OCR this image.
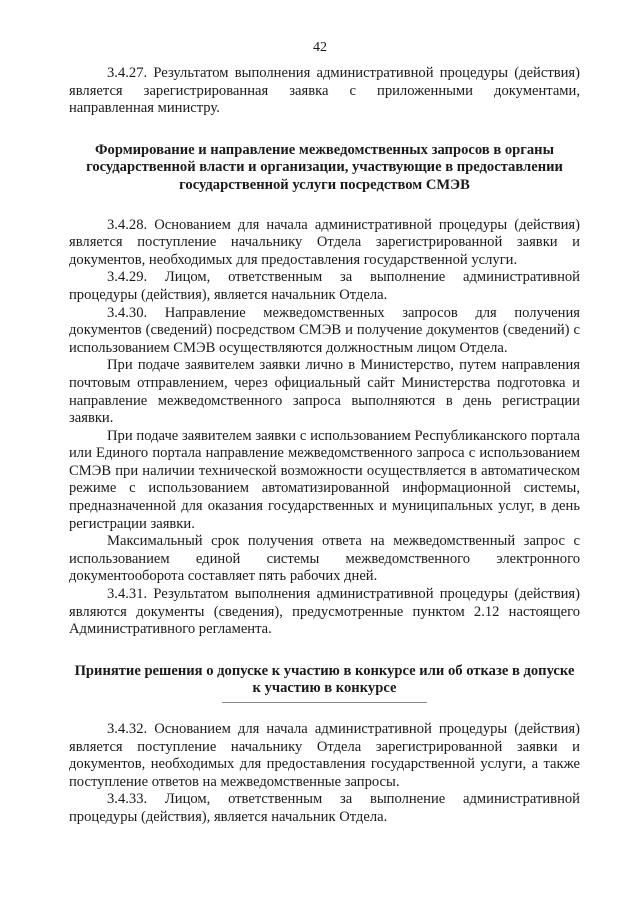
42

3.4.27. Результатом выполнения административной процедуры (действия) является зарегистрированная заявка с приложенными документами, направленная министру.

Формирование и направление межведомственных запросов в органы государственной власти и организации, участвующие в предоставлении государственной услуги посредством СМЭВ

3.4.28. Основанием для начала административной процедуры (действия) является поступление начальнику Отдела зарегистрированной заявки и документов, необходимых для предоставления государственной услуги.

3.4.29. Лицом, ответственным за выполнение административной процедуры (действия), является начальник Отдела.

3.4.30. Направление межведомственных запросов для получения документов (сведений) посредством СМЭВ и получение документов (сведений) с использованием СМЭВ осуществляются должностным лицом Отдела.

При подаче заявителем заявки лично в Министерство, путем направления почтовым отправлением, через официальный сайт Министерства подготовка и направление межведомственного запроса выполняются в день регистрации заявки.

При подаче заявителем заявки с использованием Республиканского портала или Единого портала направление межведомственного запроса с использованием СМЭВ при наличии технической возможности осуществляется в автоматическом режиме с использованием автоматизированной информационной системы, предназначенной для оказания государственных и муниципальных услуг, в день регистрации заявки.

Максимальный срок получения ответа на межведомственный запрос с использованием единой системы межведомственного электронного документооборота составляет пять рабочих дней.

3.4.31. Результатом выполнения административной процедуры (действия) являются документы (сведения), предусмотренные пунктом 2.12 настоящего Административного регламента.

Принятие решения о допуске к участию в конкурсе или об отказе в допуске к участию в конкурсе

3.4.32. Основанием для начала административной процедуры (действия) является поступление начальнику Отдела зарегистрированной заявки и документов, необходимых для предоставления государственной услуги, а также поступление ответов на межведомственные запросы.

3.4.33. Лицом, ответственным за выполнение административной процедуры (действия), является начальник Отдела.
